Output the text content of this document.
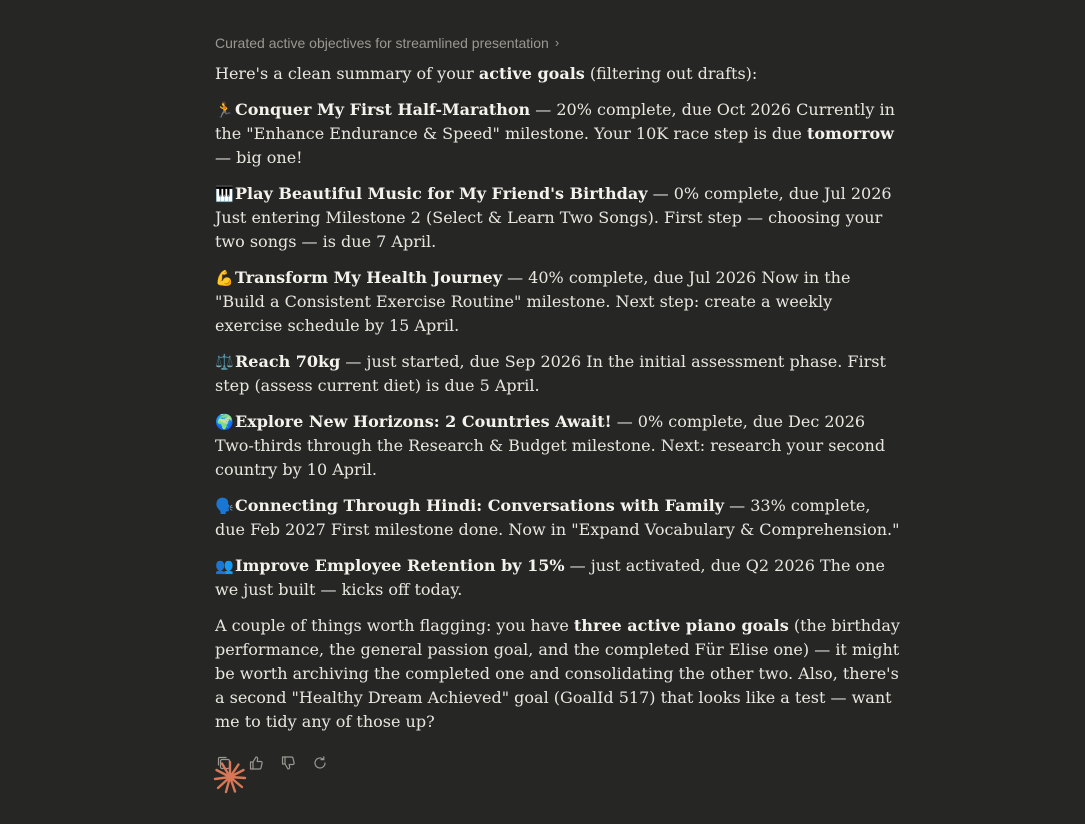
Curated active objectives for streamlined presentation ›

Here's a clean summary of your active goals (filtering out drafts):

🏃Conquer My First Half-Marathon — 20% complete, due Oct 2026 Currently in the "Enhance Endurance & Speed" milestone. Your 10K race step is due tomorrow — big one!

🎹Play Beautiful Music for My Friend's Birthday — 0% complete, due Jul 2026 Just entering Milestone 2 (Select & Learn Two Songs). First step — choosing your two songs — is due 7 April.

💪Transform My Health Journey — 40% complete, due Jul 2026 Now in the "Build a Consistent Exercise Routine" milestone. Next step: create a weekly exercise schedule by 15 April.

⚖️Reach 70kg — just started, due Sep 2026 In the initial assessment phase. First step (assess current diet) is due 5 April.

🌍Explore New Horizons: 2 Countries Await! — 0% complete, due Dec 2026 Two-thirds through the Research & Budget milestone. Next: research your second country by 10 April.

🗣️Connecting Through Hindi: Conversations with Family — 33% complete, due Feb 2027 First milestone done. Now in "Expand Vocabulary & Comprehension."

👥Improve Employee Retention by 15% — just activated, due Q2 2026 The one we just built — kicks off today.

A couple of things worth flagging: you have three active piano goals (the birthday performance, the general passion goal, and the completed Für Elise one) — it might be worth archiving the completed one and consolidating the other two. Also, there's a second "Healthy Dream Achieved" goal (GoalId 517) that looks like a test — want me to tidy any of those up?
